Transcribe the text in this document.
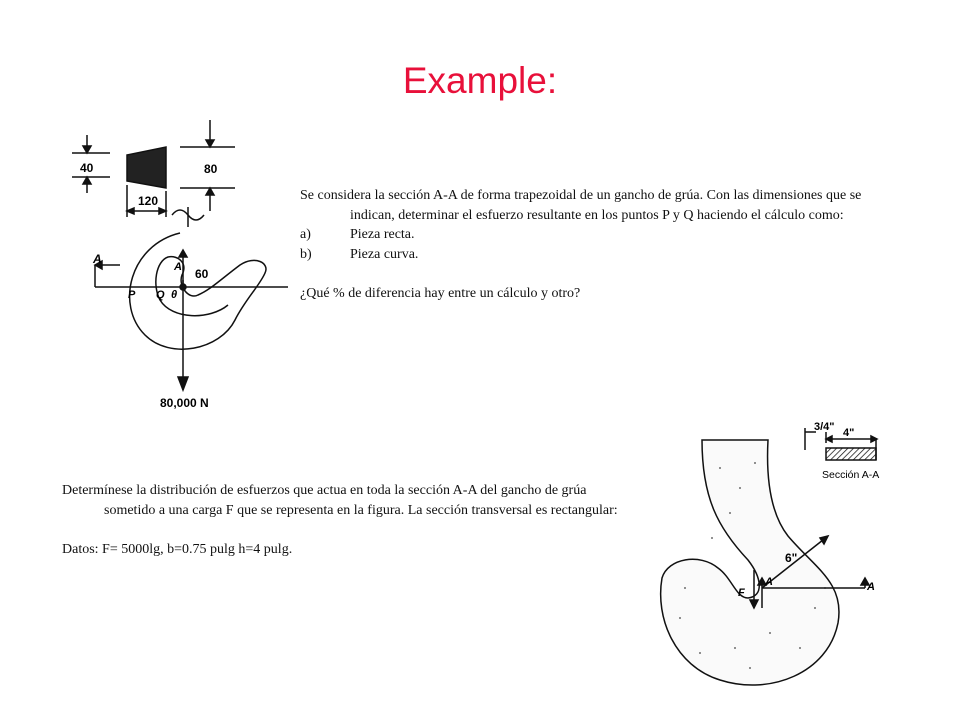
Example:
40	80
120
A
A
P Q θ
60
80,000 N

Se considera la sección A-A de forma trapezoidal de un gancho de grúa. Con las dimensiones que se indican, determinar el esfuerzo resultante en los puntos P y Q haciendo el cálculo como:

a)	Pieza recta.
b)	Pieza curva.

¿Qué % de diferencia hay entre un cálculo y otro?

Determínese la distribución de esfuerzos que actua en toda la sección A-A del gancho de grúa sometido a una carga F que se representa en la figura. La sección transversal es rectangular:

Datos: F= 5000lg, b=0.75 pulg h=4 pulg.

3/4" 4"
Sección A-A
6"
F
A	A
